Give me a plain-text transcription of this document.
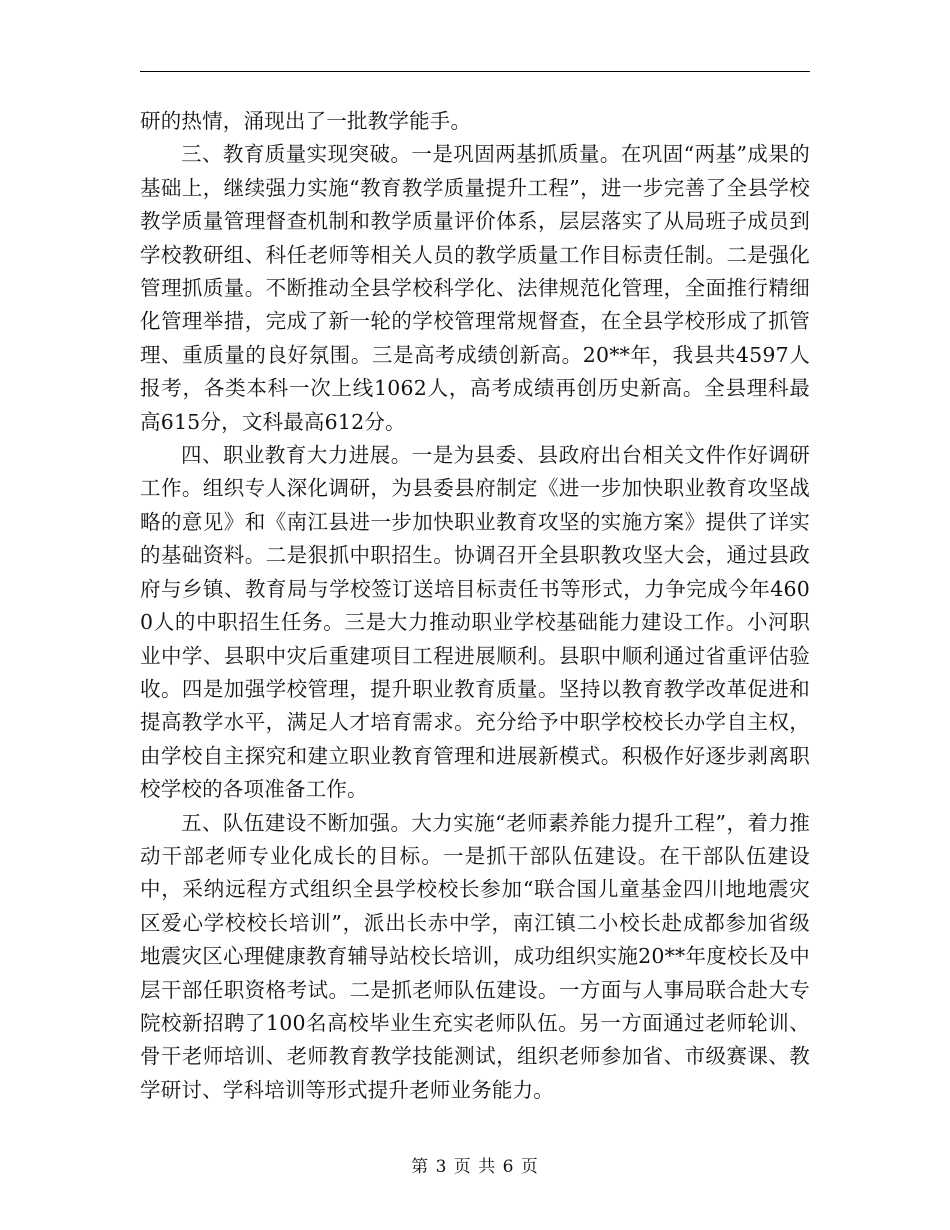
研的热情，涌现出了一批教学能手。

三、教育质量实现突破。一是巩固两基抓质量。在巩固“两基”成果的基础上，继续强力实施“教育教学质量提升工程”，进一步完善了全县学校教学质量管理督查机制和教学质量评价体系，层层落实了从局班子成员到学校教研组、科任老师等相关人员的教学质量工作目标责任制。二是强化管理抓质量。不断推动全县学校科学化、法律规范化管理，全面推行精细化管理举措，完成了新一轮的学校管理常规督查，在全县学校形成了抓管理、重质量的良好氛围。三是高考成绩创新高。20**年，我县共4597人报考，各类本科一次上线1062人，高考成绩再创历史新高。全县理科最高615分，文科最高612分。

四、职业教育大力进展。一是为县委、县政府出台相关文件作好调研工作。组织专人深化调研，为县委县府制定《进一步加快职业教育攻坚战略的意见》和《南江县进一步加快职业教育攻坚的实施方案》提供了详实的基础资料。二是狠抓中职招生。协调召开全县职教攻坚大会，通过县政府与乡镇、教育局与学校签订送培目标责任书等形式，力争完成今年4600人的中职招生任务。三是大力推动职业学校基础能力建设工作。小河职业中学、县职中灾后重建项目工程进展顺利。县职中顺利通过省重评估验收。四是加强学校管理，提升职业教育质量。坚持以教育教学改革促进和提高教学水平，满足人才培育需求。充分给予中职学校校长办学自主权，由学校自主探究和建立职业教育管理和进展新模式。积极作好逐步剥离职校学校的各项准备工作。

五、队伍建设不断加强。大力实施“老师素养能力提升工程”，着力推动干部老师专业化成长的目标。一是抓干部队伍建设。在干部队伍建设中，采纳远程方式组织全县学校校长参加“联合国儿童基金四川地地震灾区爱心学校校长培训”，派出长赤中学，南江镇二小校长赴成都参加省级地震灾区心理健康教育辅导站校长培训，成功组织实施20**年度校长及中层干部任职资格考试。二是抓老师队伍建设。一方面与人事局联合赴大专院校新招聘了100名高校毕业生充实老师队伍。另一方面通过老师轮训、骨干老师培训、老师教育教学技能测试，组织老师参加省、市级赛课、教学研讨、学科培训等形式提升老师业务能力。

第 3 页 共 6 页
